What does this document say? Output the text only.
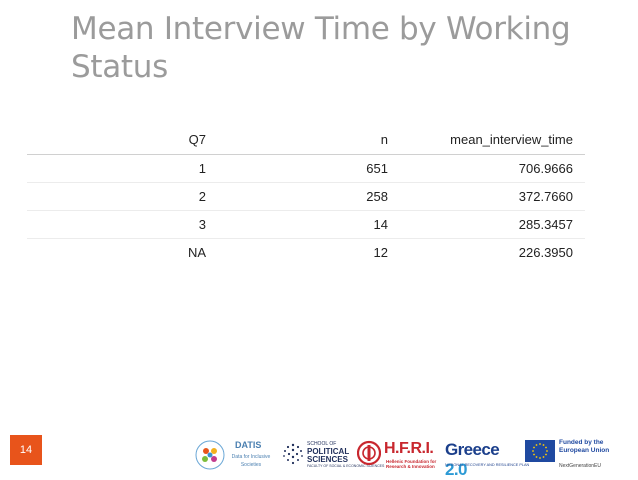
Mean Interview Time by Working Status
Q7	n	mean_interview_time	
1	651	706.9666	
2	258	372.7660	
3	14	285.3457	
NA	12	226.3950	
14	DATIS
Data for Inclusive Societies
SCHOOL OF
POLITICAL
SCIENCES
FACULTY OF SOCIAL & ECONOMIC SCIENCES
H.F.R.I.
Hellenic Foundation for Research & Innovation
Greece 2.0
NATIONAL RECOVERY AND RESILIENCE PLAN
Funded by the European Union
NextGenerationEU
